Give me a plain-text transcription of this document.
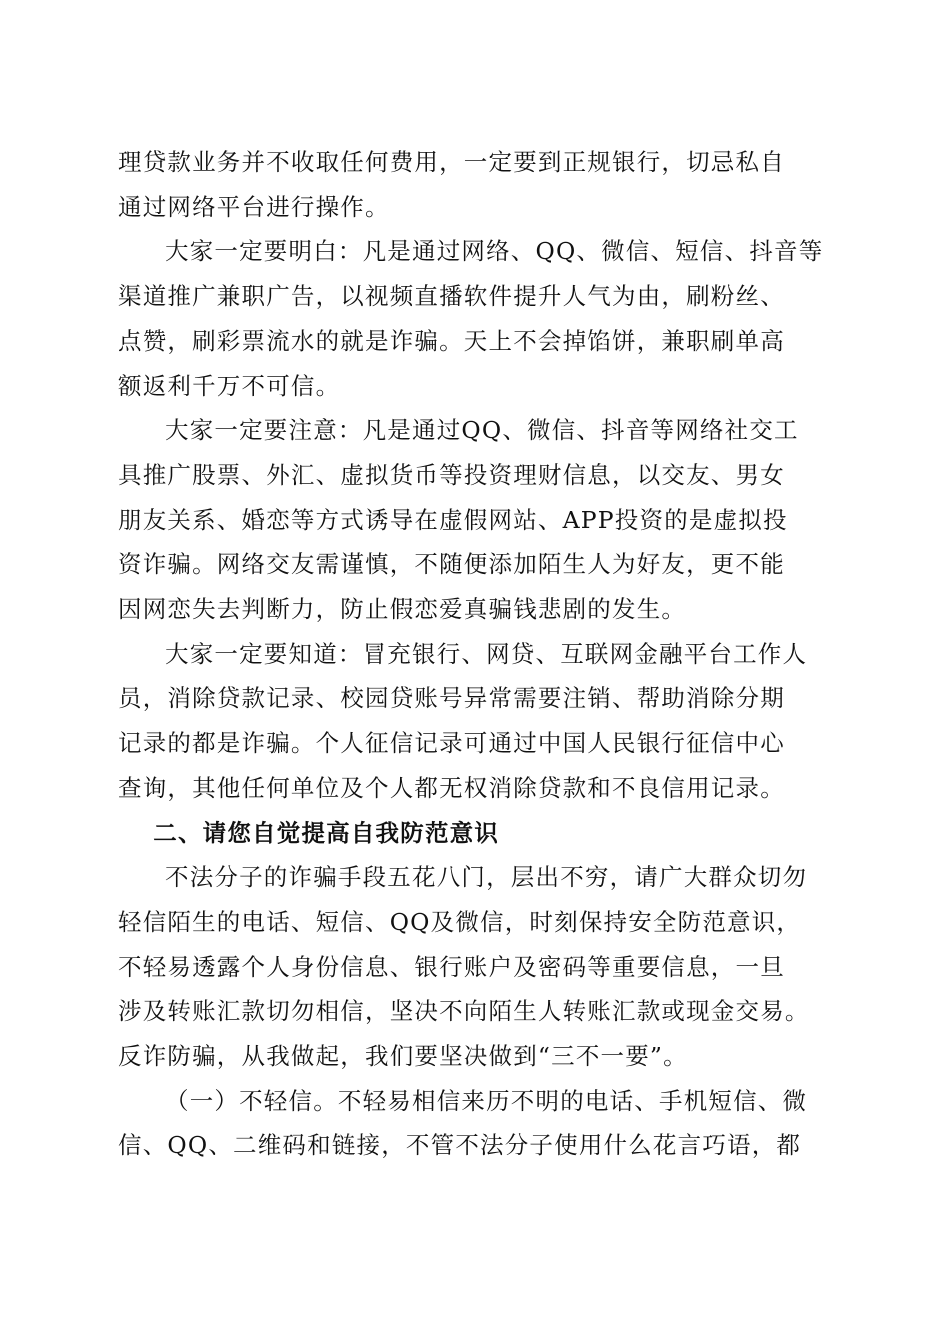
理贷款业务并不收取任何费用，一定要到正规银行，切忌私自
通过网络平台进行操作。

大家一定要明白：凡是通过网络、QQ、微信、短信、抖音等
渠道推广兼职广告，以视频直播软件提升人气为由，刷粉丝、
点赞，刷彩票流水的就是诈骗。天上不会掉馅饼，兼职刷单高
额返利千万不可信。

大家一定要注意：凡是通过QQ、微信、抖音等网络社交工
具推广股票、外汇、虚拟货币等投资理财信息，以交友、男女
朋友关系、婚恋等方式诱导在虚假网站、APP投资的是虚拟投
资诈骗。网络交友需谨慎，不随便添加陌生人为好友，更不能
因网恋失去判断力，防止假恋爱真骗钱悲剧的发生。

大家一定要知道：冒充银行、网贷、互联网金融平台工作人
员，消除贷款记录、校园贷账号异常需要注销、帮助消除分期
记录的都是诈骗。个人征信记录可通过中国人民银行征信中心
查询，其他任何单位及个人都无权消除贷款和不良信用记录。

二、请您自觉提高自我防范意识

不法分子的诈骗手段五花八门，层出不穷，请广大群众切勿
轻信陌生的电话、短信、QQ及微信，时刻保持安全防范意识，
不轻易透露个人身份信息、银行账户及密码等重要信息，一旦
涉及转账汇款切勿相信，坚决不向陌生人转账汇款或现金交易。
反诈防骗，从我做起，我们要坚决做到“三不一要”。

（一）不轻信。不轻易相信来历不明的电话、手机短信、微
信、QQ、二维码和链接，不管不法分子使用什么花言巧语，都
